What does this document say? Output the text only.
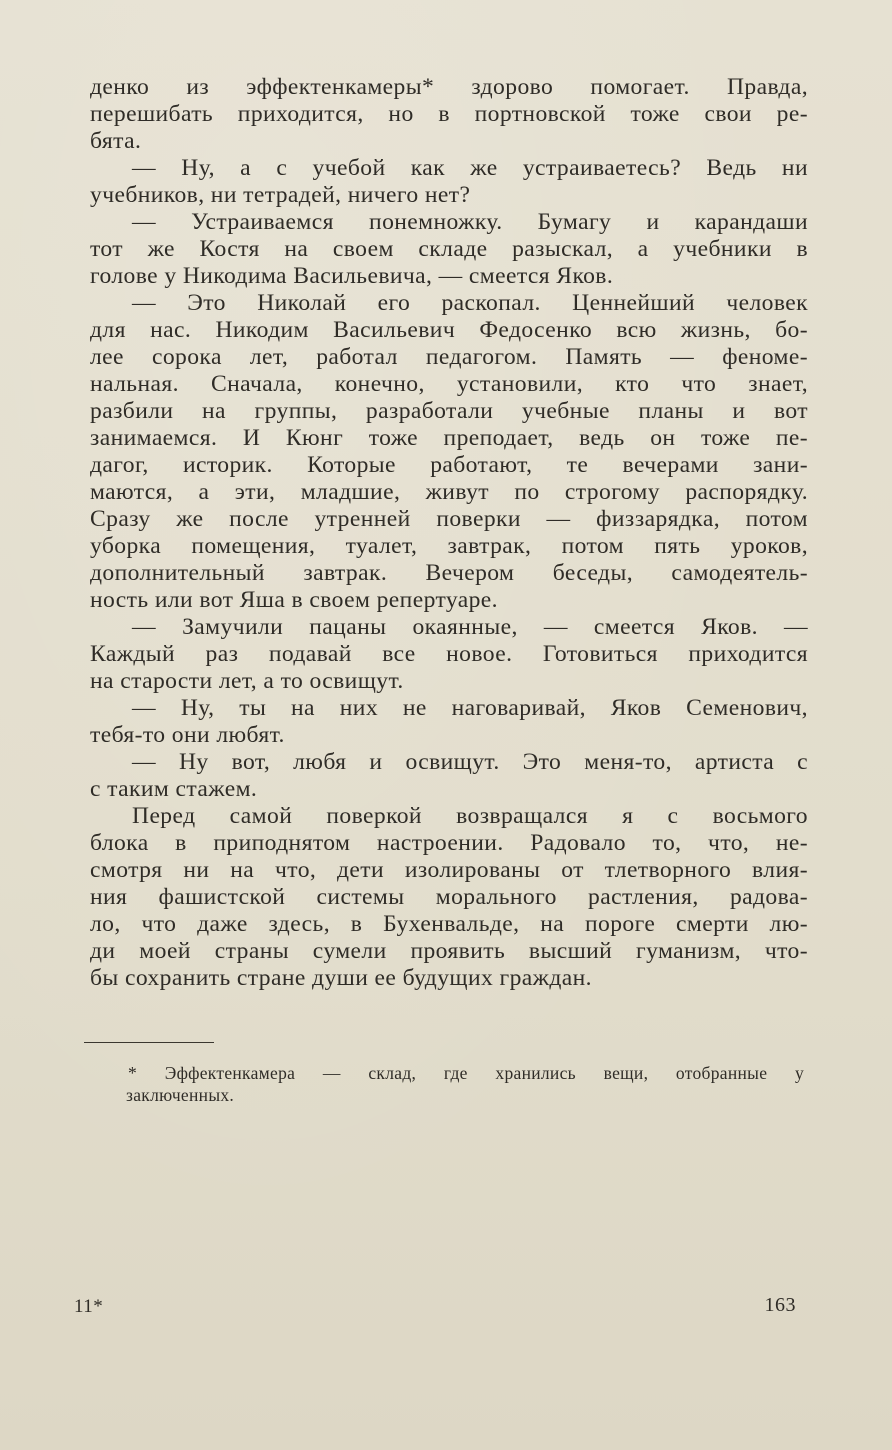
денко из эффектенкамеры* здорово помогает. Правда,
перешибать приходится, но в портновской тоже свои ре-
бята.
— Ну, а с учебой как же устраиваетесь? Ведь ни
учебников, ни тетрадей, ничего нет?
— Устраиваемся понемножку. Бумагу и карандаши
тот же Костя на своем складе разыскал, а учебники в
голове у Никодима Васильевича, — смеется Яков.
— Это Николай его раскопал. Ценнейший человек
для нас. Никодим Васильевич Федосенко всю жизнь, бо-
лее сорока лет, работал педагогом. Память — феноме-
нальная. Сначала, конечно, установили, кто что знает,
разбили на группы, разработали учебные планы и вот
занимаемся. И Кюнг тоже преподает, ведь он тоже пе-
дагог, историк. Которые работают, те вечерами зани-
маются, а эти, младшие, живут по строгому распорядку.
Сразу же после утренней поверки — физзарядка, потом
уборка помещения, туалет, завтрак, потом пять уроков,
дополнительный завтрак. Вечером беседы, самодеятель-
ность или вот Яша в своем репертуаре.
— Замучили пацаны окаянные, — смеется Яков. —
Каждый раз подавай все новое. Готовиться приходится
на старости лет, а то освищут.
— Ну, ты на них не наговаривай, Яков Семенович,
тебя-то они любят.
— Ну вот, любя и освищут. Это меня-то, артиста с
с таким стажем.
Перед самой поверкой возвращался я с восьмого
блока в приподнятом настроении. Радовало то, что, не-
смотря ни на что, дети изолированы от тлетворного влия-
ния фашистской системы морального растления, радова-
ло, что даже здесь, в Бухенвальде, на пороге смерти лю-
ди моей страны сумели проявить высший гуманизм, что-
бы сохранить стране души ее будущих граждан.
* Эффектенкамера — склад, где хранились вещи, отобранные у
заключенных.
11*	163
